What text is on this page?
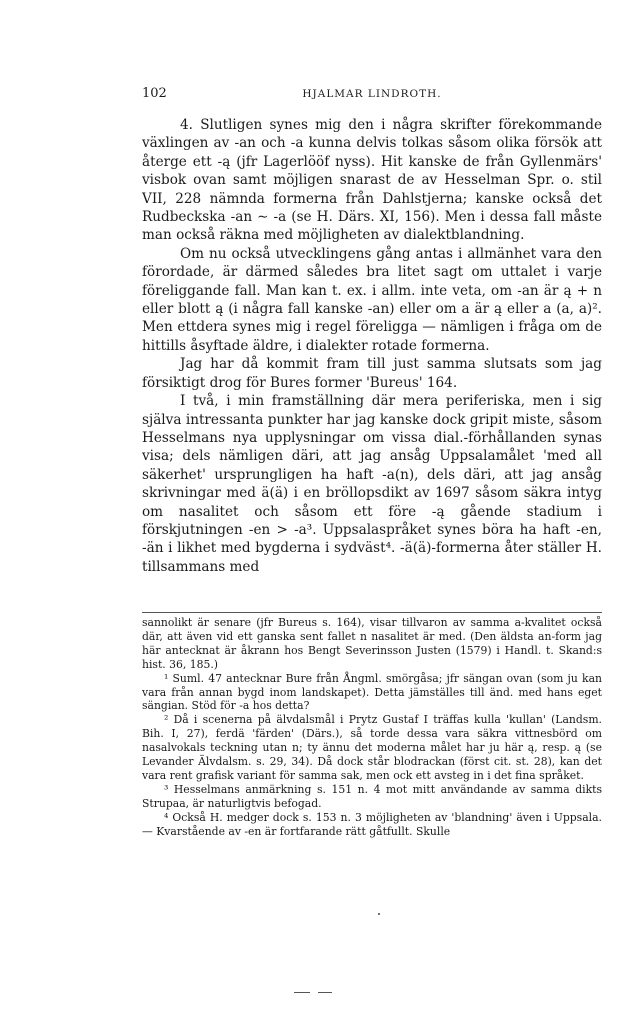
102	HJALMAR LINDROTH.

4. Slutligen synes mig den i några skrifter förekommande växlingen av -an och -a kunna delvis tolkas såsom olika försök att återge ett -ą (jfr Lagerlööf nyss). Hit kanske de från Gyllenmärs' visbok ovan samt möjligen snarast de av Hesselman Spr. o. stil VII, 228 nämnda formerna från Dahlstjerna; kanske också det Rudbeckska -an ∼ -a (se H. Därs. XI, 156). Men i dessa fall måste man också räkna med möjligheten av dialektblandning.

Om nu också utvecklingens gång antas i allmänhet vara den förordade, är därmed således bra litet sagt om uttalet i varje föreliggande fall. Man kan t. ex. i allm. inte veta, om -an är ą + n eller blott ą (i några fall kanske -an) eller om a är ą eller a (a, a)². Men ettdera synes mig i regel föreligga — nämligen i fråga om de hittills åsyftade äldre, i dialekter rotade formerna.

Jag har då kommit fram till just samma slutsats som jag försiktigt drog för Bures former 'Bureus' 164.

I två, i min framställning där mera periferiska, men i sig själva intressanta punkter har jag kanske dock gripit miste, såsom Hesselmans nya upplysningar om vissa dial.-förhållanden synas visa; dels nämligen däri, att jag ansåg Uppsalamålet 'med all säkerhet' ursprungligen ha haft -a(n), dels däri, att jag ansåg skrivningar med ä(ä) i en bröllopsdikt av 1697 såsom säkra intyg om nasalitet och såsom ett före -ą gående stadium i förskjutningen -en > -a³. Uppsalaspråket synes böra ha haft -en, -än i likhet med bygderna i sydväst⁴. -ä(ä)-formerna åter ställer H. tillsammans med

sannolikt är senare (jfr Bureus s. 164), visar tillvaron av samma a-kvalitet också där, att även vid ett ganska sent fallet n nasalitet är med. (Den äldsta an-form jag här antecknat är åkrann hos Bengt Severinsson Justen (1579) i Handl. t. Skand:s hist. 36, 185.)

¹ Suml. 47 antecknar Bure från Ångml. smörgåsa; jfr sängan ovan (som ju kan vara från annan bygd inom landskapet). Detta jämställes till änd. med hans eget sängian. Stöd för -a hos detta?

² Då i scenerna på älvdalsmål i Prytz Gustaf I träffas kulla 'kullan' (Landsm. Bih. I, 27), ferdä 'färden' (Därs.), så torde dessa vara säkra vittnesbörd om nasalvokals teckning utan n; ty ännu det moderna målet har ju här ą, resp. ą (se Levander Älvdalsm. s. 29, 34). Då dock står blodrackan (först cit. st. 28), kan det vara rent grafisk variant för samma sak, men ock ett avsteg in i det fina språket.

³ Hesselmans anmärkning s. 151 n. 4 mot mitt användande av samma dikts Strupaa, är naturligtvis befogad.

⁴ Också H. medger dock s. 153 n. 3 möjligheten av 'blandning' även i Uppsala. — Kvarstående av -en är fortfarande rätt gåtfullt. Skulle
